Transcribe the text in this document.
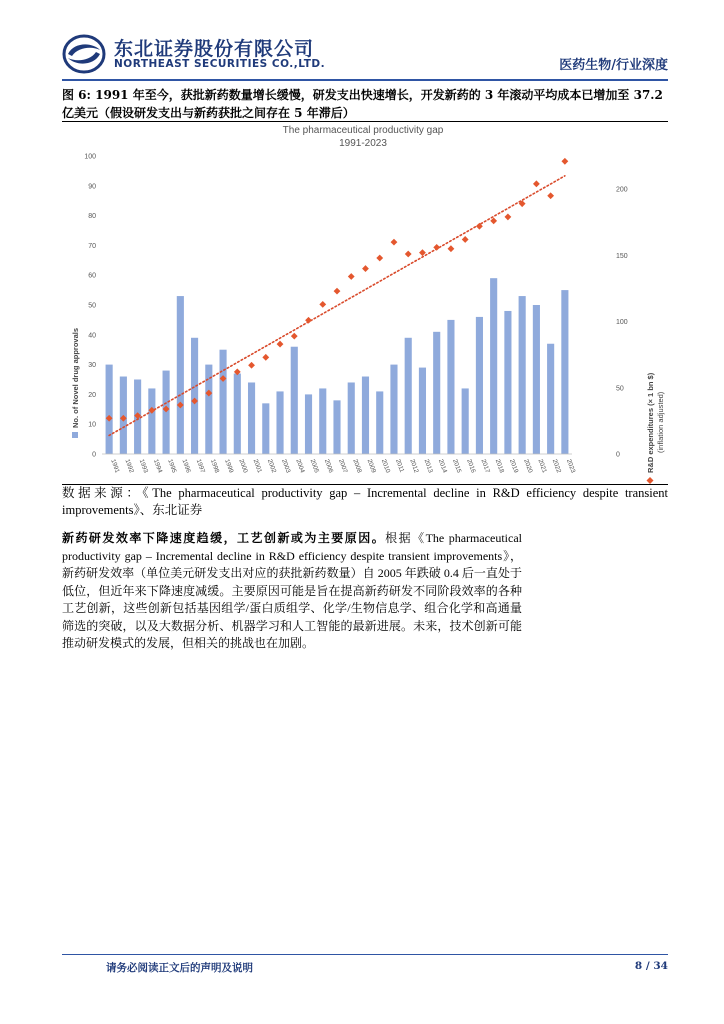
东北证券股份有限公司
NORTHEAST SECURITIES CO.,LTD.	医药生物/行业深度
图 6: 1991 年至今，获批新药数量增长缓慢，研发支出快速增长，开发新药的 3 年滚动平均成本已增加至 37.2 亿美元（假设研发支出与新药获批之间存在 5 年滞后）
The pharmaceutical productivity gap
1991-2023
0
10
20
30
40
50
60
70
80
90
100
0
50
100
150
200
1991 1992 1993 1994 1995 1996 1997 1998 1999 2000 2001 2002 2003 2004 2005 2006 2007 2008 2009 2010 2011 2012 2013 2014 2015 2016 2017 2018 2019 2020 2021 2022 2023
No. of Novel drug approvals	R&D expenditures (× 1 bn $) (inflation adjusted)
数据来源：《The pharmaceutical productivity gap – Incremental decline in R&D efficiency despite transient improvements》、东北证券
新药研发效率下降速度趋缓，工艺创新或为主要原因。根据《The pharmaceutical productivity gap – Incremental decline in R&D efficiency despite transient improvements》，新药研发效率（单位美元研发支出对应的获批新药数量）自 2005 年跌破 0.4 后一直处于低位，但近年来下降速度减缓。主要原因可能是旨在提高新药研发不同阶段效率的各种工艺创新，这些创新包括基因组学/蛋白质组学、化学/生物信息学、组合化学和高通量筛选的突破，以及大数据分析、机器学习和人工智能的最新进展。未来，技术创新可能推动研发模式的发展，但相关的挑战也在加剧。
请务必阅读正文后的声明及说明	8 / 34
